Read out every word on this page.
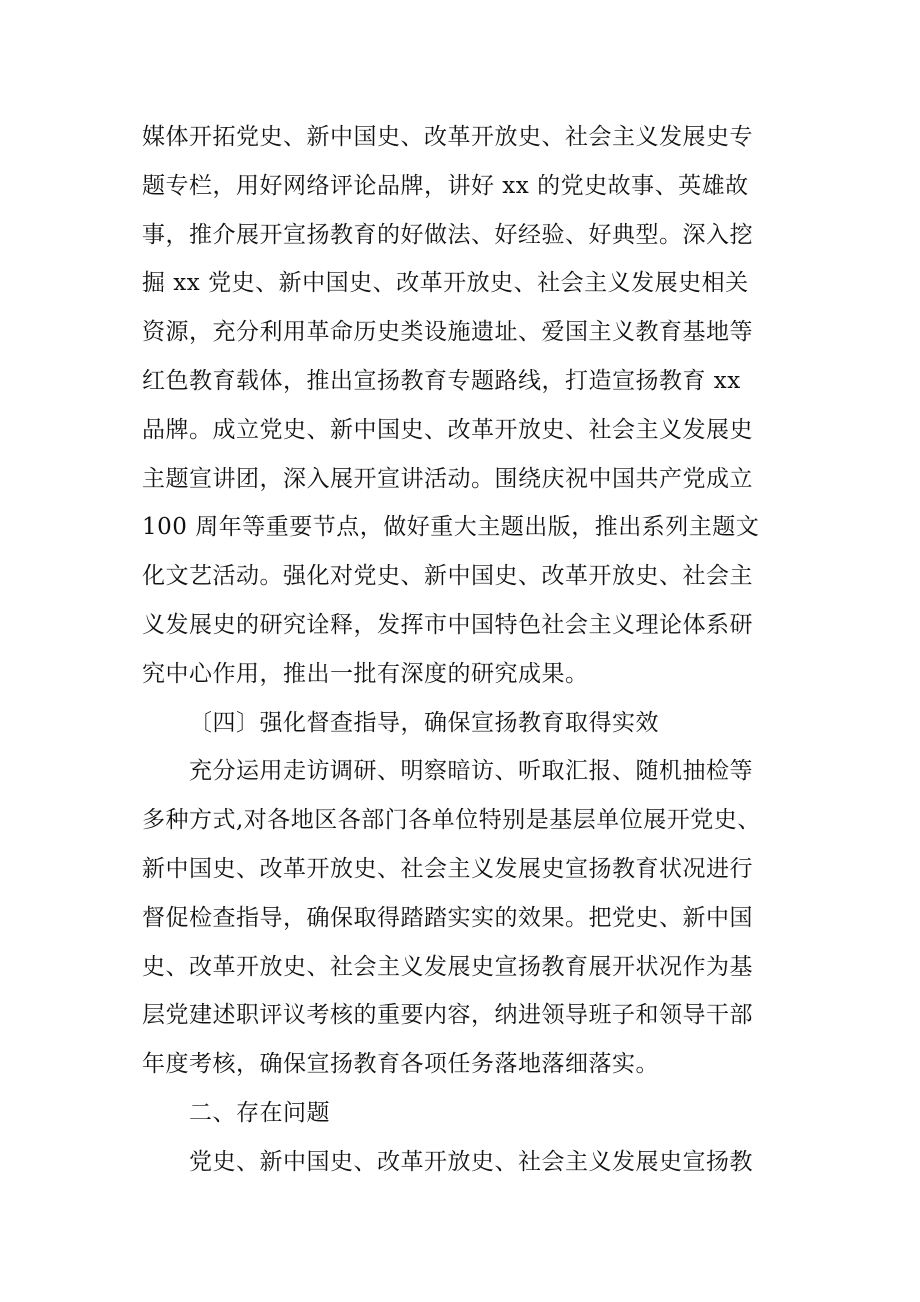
媒体开拓党史、新中国史、改革开放史、社会主义发展史专
题专栏，用好网络评论品牌，讲好 xx 的党史故事、英雄故
事，推介展开宣扬教育的好做法、好经验、好典型。深入挖
掘 xx 党史、新中国史、改革开放史、社会主义发展史相关
资源，充分利用革命历史类设施遗址、爱国主义教育基地等
红色教育载体，推出宣扬教育专题路线，打造宣扬教育 xx
品牌。成立党史、新中国史、改革开放史、社会主义发展史
主题宣讲团，深入展开宣讲活动。围绕庆祝中国共产党成立
100 周年等重要节点，做好重大主题出版，推出系列主题文
化文艺活动。强化对党史、新中国史、改革开放史、社会主
义发展史的研究诠释，发挥市中国特色社会主义理论体系研
究中心作用，推出一批有深度的研究成果。
〔四〕强化督查指导，确保宣扬教育取得实效
充分运用走访调研、明察暗访、听取汇报、随机抽检等
多种方式,对各地区各部门各单位特别是基层单位展开党史、
新中国史、改革开放史、社会主义发展史宣扬教育状况进行
督促检查指导，确保取得踏踏实实的效果。把党史、新中国
史、改革开放史、社会主义发展史宣扬教育展开状况作为基
层党建述职评议考核的重要内容，纳进领导班子和领导干部
年度考核，确保宣扬教育各项任务落地落细落实。
二、存在问题
党史、新中国史、改革开放史、社会主义发展史宣扬教
